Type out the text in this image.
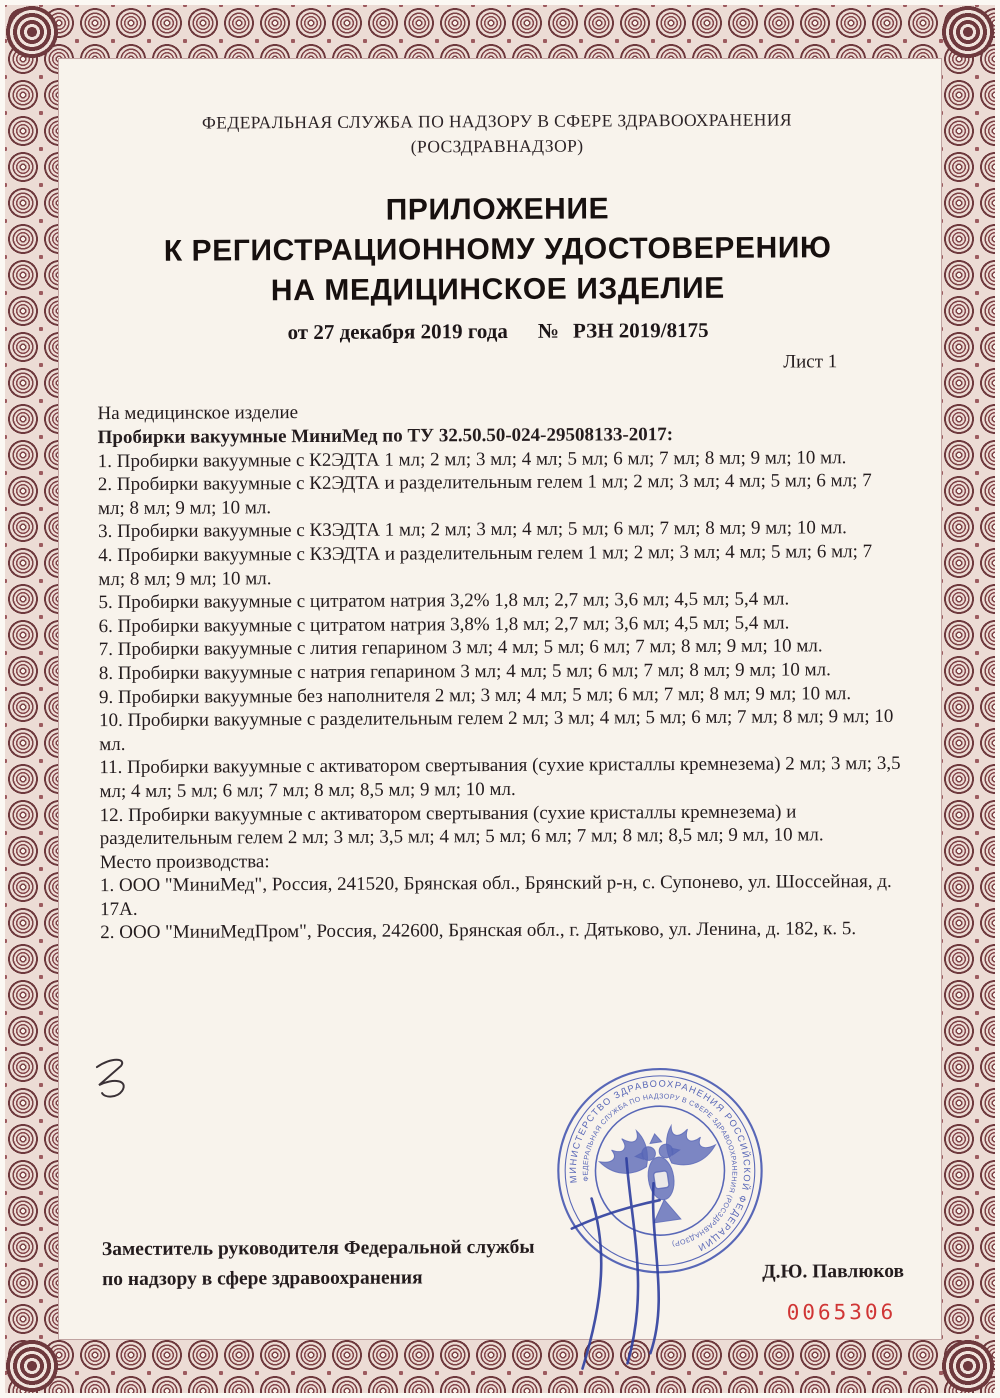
ФЕДЕРАЛЬНАЯ СЛУЖБА ПО НАДЗОРУ В СФЕРЕ ЗДРАВООХРАНЕНИЯ
(РОСЗДРАВНАДЗОР)
ПРИЛОЖЕНИЕ
К РЕГИСТРАЦИОННОМУ УДОСТОВЕРЕНИЮ
НА МЕДИЦИНСКОЕ ИЗДЕЛИЕ
от 27 декабря 2019 года № РЗН 2019/8175
Лист 1

На медицинское изделие

Пробирки вакуумные МиниМед по ТУ 32.50.50-024-29508133-2017:

1. Пробирки вакуумные с К2ЭДТА 1 мл; 2 мл; 3 мл; 4 мл; 5 мл; 6 мл; 7 мл; 8 мл; 9 мл; 10 мл.

2. Пробирки вакуумные с К2ЭДТА и разделительным гелем 1 мл; 2 мл; 3 мл; 4 мл; 5 мл; 6 мл; 7 мл; 8 мл; 9 мл; 10 мл.

3. Пробирки вакуумные с КЗЭДТА 1 мл; 2 мл; 3 мл; 4 мл; 5 мл; 6 мл; 7 мл; 8 мл; 9 мл; 10 мл.

4. Пробирки вакуумные с КЗЭДТА и разделительным гелем 1 мл; 2 мл; 3 мл; 4 мл; 5 мл; 6 мл; 7 мл; 8 мл; 9 мл; 10 мл.

5. Пробирки вакуумные с цитратом натрия 3,2% 1,8 мл; 2,7 мл; 3,6 мл; 4,5 мл; 5,4 мл.

6. Пробирки вакуумные с цитратом натрия 3,8% 1,8 мл; 2,7 мл; 3,6 мл; 4,5 мл; 5,4 мл.

7. Пробирки вакуумные с лития гепарином 3 мл; 4 мл; 5 мл; 6 мл; 7 мл; 8 мл; 9 мл; 10 мл.

8. Пробирки вакуумные с натрия гепарином 3 мл; 4 мл; 5 мл; 6 мл; 7 мл; 8 мл; 9 мл; 10 мл.

9. Пробирки вакуумные без наполнителя 2 мл; 3 мл; 4 мл; 5 мл; 6 мл; 7 мл; 8 мл; 9 мл; 10 мл.

10. Пробирки вакуумные с разделительным гелем 2 мл; 3 мл; 4 мл; 5 мл; 6 мл; 7 мл; 8 мл; 9 мл; 10 мл.

11. Пробирки вакуумные с активатором свертывания (сухие кристаллы кремнезема) 2 мл; 3 мл; 3,5 мл; 4 мл; 5 мл; 6 мл; 7 мл; 8 мл; 8,5 мл; 9 мл; 10 мл.

12. Пробирки вакуумные с активатором свертывания (сухие кристаллы кремнезема) и разделительным гелем 2 мл; 3 мл; 3,5 мл; 4 мл; 5 мл; 6 мл; 7 мл; 8 мл; 8,5 мл; 9 мл, 10 мл.

Место производства:

1. ООО "МиниМед", Россия, 241520, Брянская обл., Брянский р-н, с. Супонево, ул. Шоссейная, д. 17А.

2. ООО "МиниМедПром", Россия, 242600, Брянская обл., г. Дятьково, ул. Ленина, д. 182, к. 5.

МИНИСТЕРСТВО ЗДРАВООХРАНЕНИЯ РОССИЙСКОЙ ФЕДЕРАЦИИ
ФЕДЕРАЛЬНАЯ СЛУЖБА ПО НАДЗОРУ В СФЕРЕ ЗДРАВООХРАНЕНИЯ (РОСЗДРАВНАДЗОР)
Заместитель руководителя Федеральной службы
по надзору в сфере здравоохранения	Д.Ю. Павлюков
0065306
